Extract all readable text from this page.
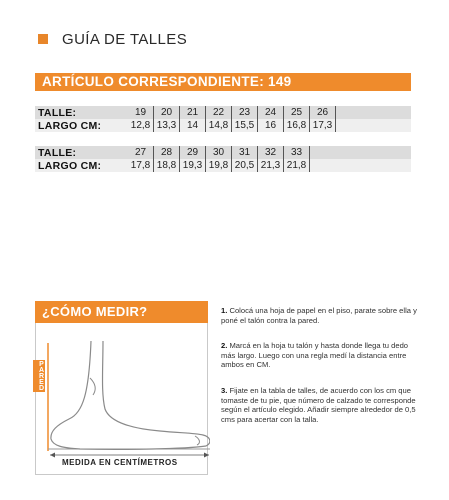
GUÍA DE TALLES
ARTÍCULO CORRESPONDIENTE: 149
TALLE:	19	20	21	22	23	24	25	26
LARGO CM:	12,8 13,3	14	14,8 15,5	16	16,8 17,3
TALLE:	27	28	29	30	31	32	33
LARGO CM:	17,8 18,8 19,3 19,8 20,5 21,3 21,8
¿CÓMO MEDIR?
PARED
MEDIDA EN CENTÍMETROS
1. Colocá una hoja de papel en el piso, parate sobre ella y poné el talón contra la pared.
2. Marcá en la hoja tu talón y hasta donde llega tu dedo más largo. Luego con una regla medí la distancia entre ambos en CM.
3. Fijate en la tabla de talles, de acuerdo con los cm que tomaste de tu pie, que número de calzado te corresponde según el artículo elegido. Añadir siempre alrededor de 0,5 cms para acertar con la talla.
